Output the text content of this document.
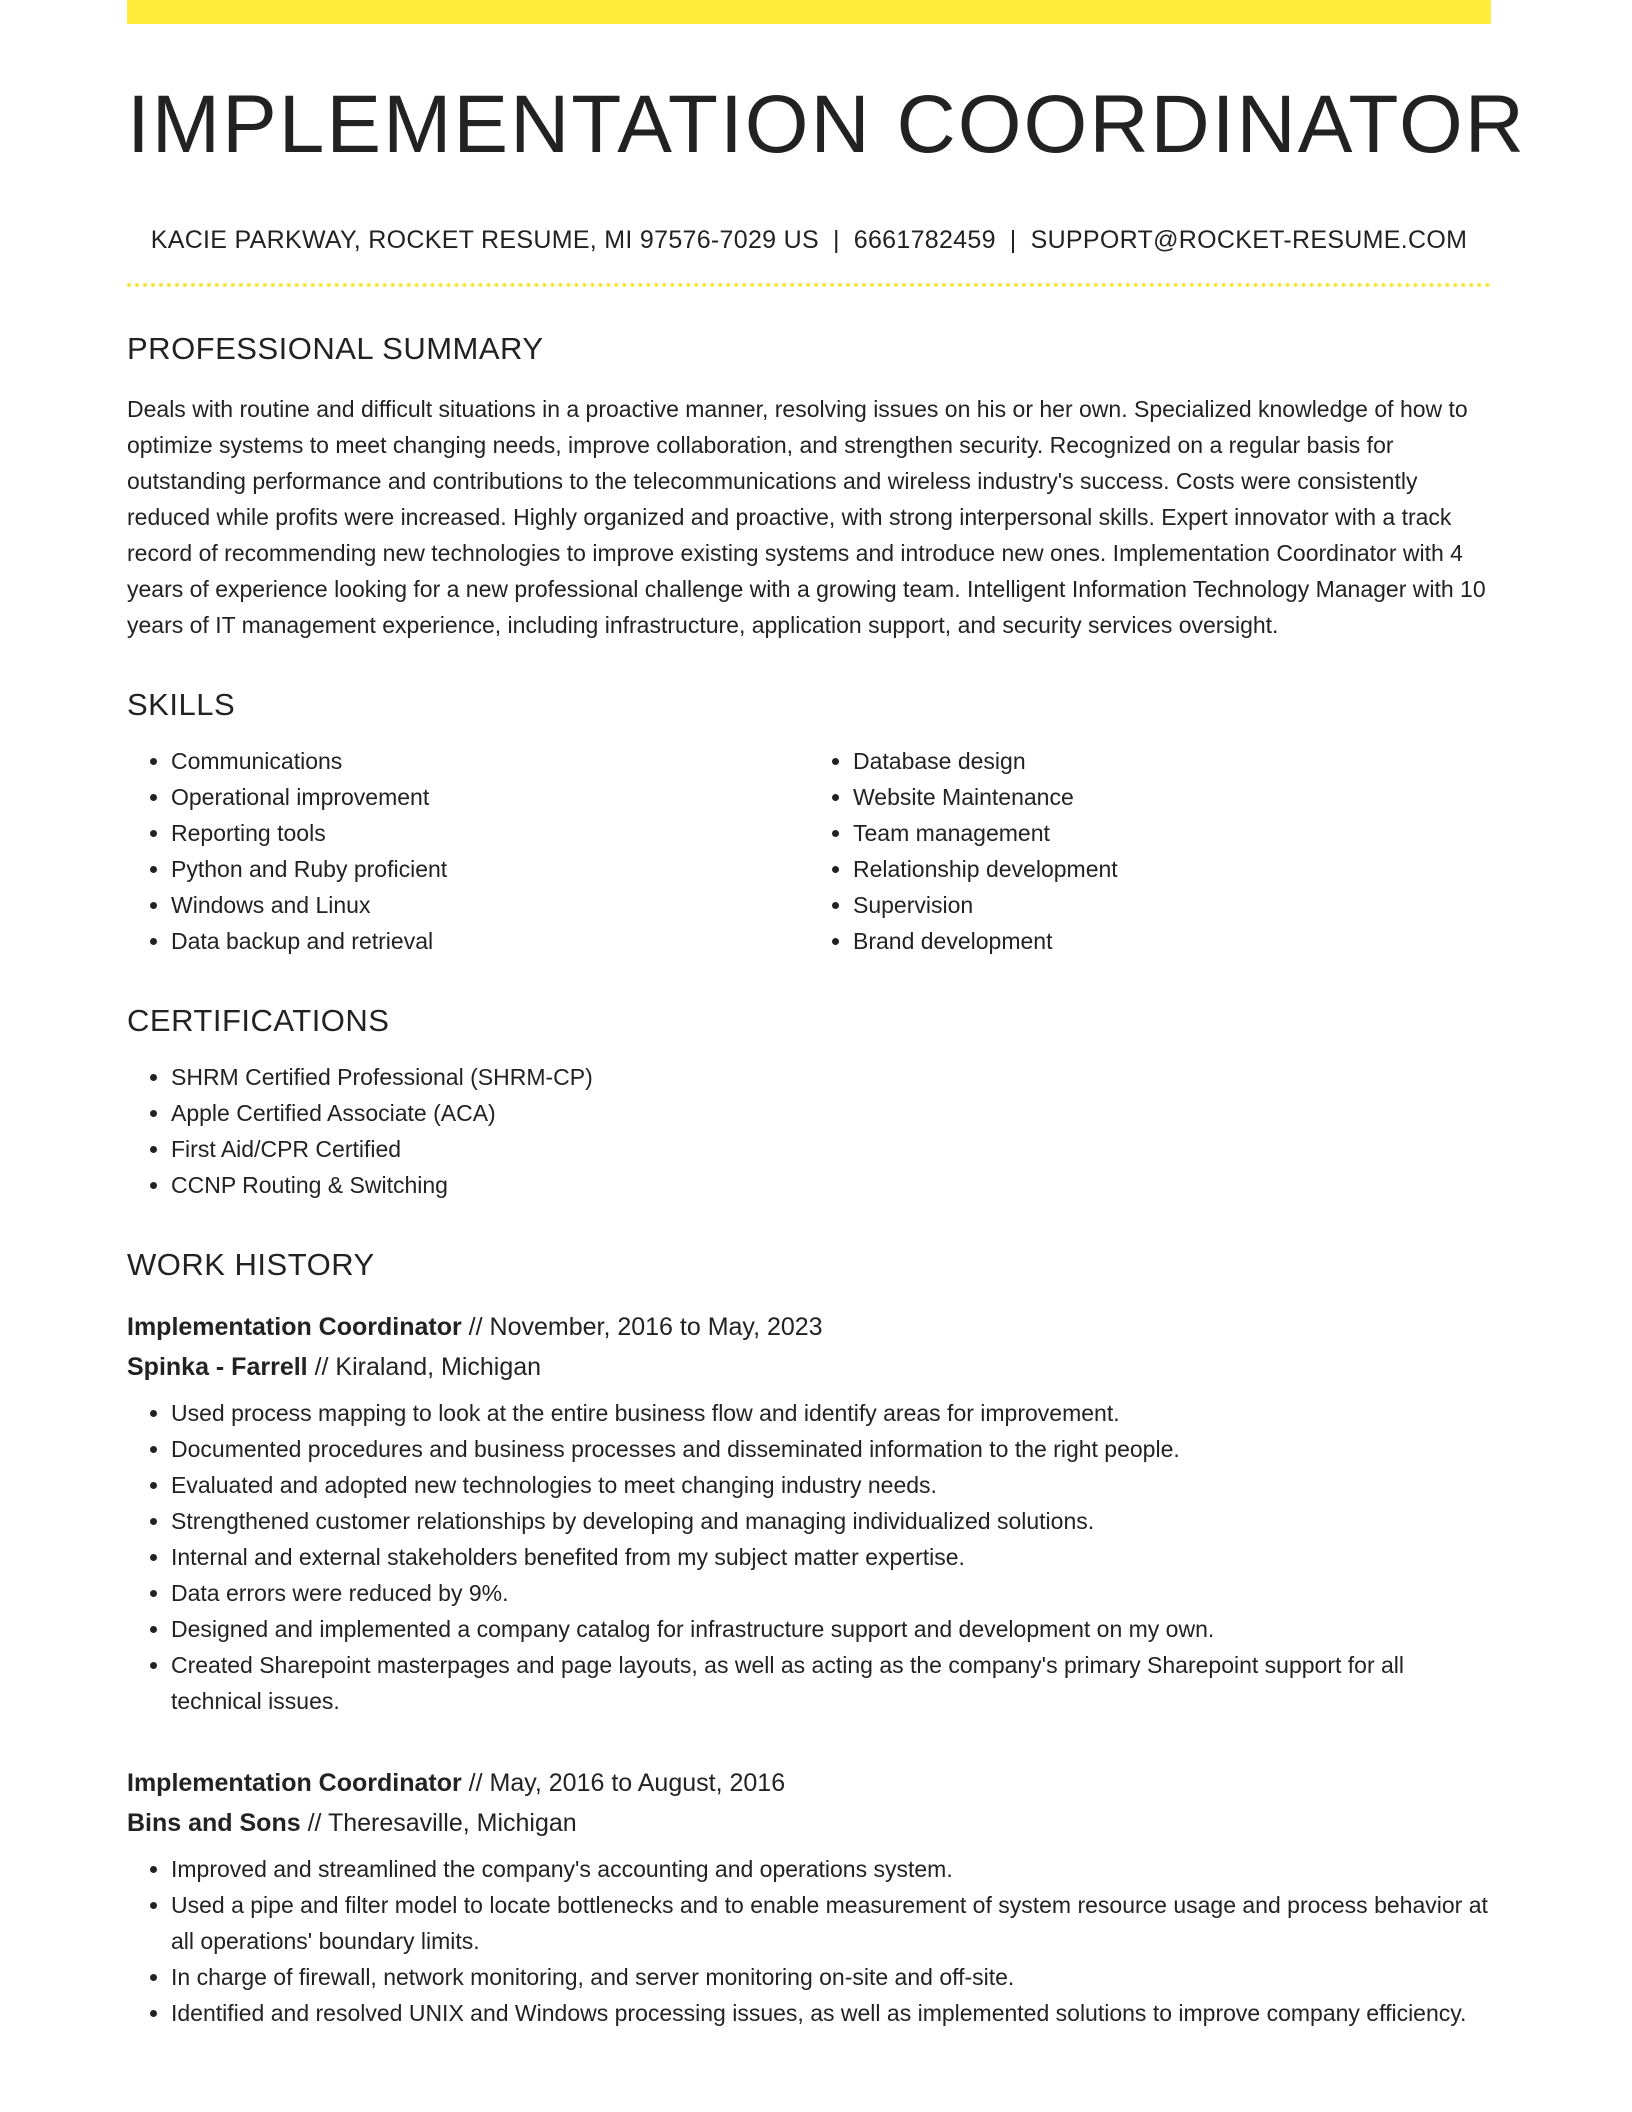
IMPLEMENTATION COORDINATOR
KACIE PARKWAY, ROCKET RESUME, MI 97576-7029 US | 6661782459 | SUPPORT@ROCKET-RESUME.COM
PROFESSIONAL SUMMARY
Deals with routine and difficult situations in a proactive manner, resolving issues on his or her own. Specialized knowledge of how to optimize systems to meet changing needs, improve collaboration, and strengthen security. Recognized on a regular basis for outstanding performance and contributions to the telecommunications and wireless industry's success. Costs were consistently reduced while profits were increased. Highly organized and proactive, with strong interpersonal skills. Expert innovator with a track record of recommending new technologies to improve existing systems and introduce new ones. Implementation Coordinator with 4 years of experience looking for a new professional challenge with a growing team. Intelligent Information Technology Manager with 10 years of IT management experience, including infrastructure, application support, and security services oversight.
SKILLS
• Communications
• Operational improvement
• Reporting tools
• Python and Ruby proficient
• Windows and Linux
• Data backup and retrieval
• Database design
• Website Maintenance
• Team management
• Relationship development
• Supervision
• Brand development
CERTIFICATIONS
• SHRM Certified Professional (SHRM-CP)
• Apple Certified Associate (ACA)
• First Aid/CPR Certified
• CCNP Routing & Switching
WORK HISTORY
Implementation Coordinator // November, 2016 to May, 2023
Spinka - Farrell // Kiraland, Michigan
• Used process mapping to look at the entire business flow and identify areas for improvement.
• Documented procedures and business processes and disseminated information to the right people.
• Evaluated and adopted new technologies to meet changing industry needs.
• Strengthened customer relationships by developing and managing individualized solutions.
• Internal and external stakeholders benefited from my subject matter expertise.
• Data errors were reduced by 9%.
• Designed and implemented a company catalog for infrastructure support and development on my own.
• Created Sharepoint masterpages and page layouts, as well as acting as the company's primary Sharepoint support for all technical issues.
Implementation Coordinator // May, 2016 to August, 2016
Bins and Sons // Theresaville, Michigan
• Improved and streamlined the company's accounting and operations system.
• Used a pipe and filter model to locate bottlenecks and to enable measurement of system resource usage and process behavior at all operations' boundary limits.
• In charge of firewall, network monitoring, and server monitoring on-site and off-site.
• Identified and resolved UNIX and Windows processing issues, as well as implemented solutions to improve company efficiency.
